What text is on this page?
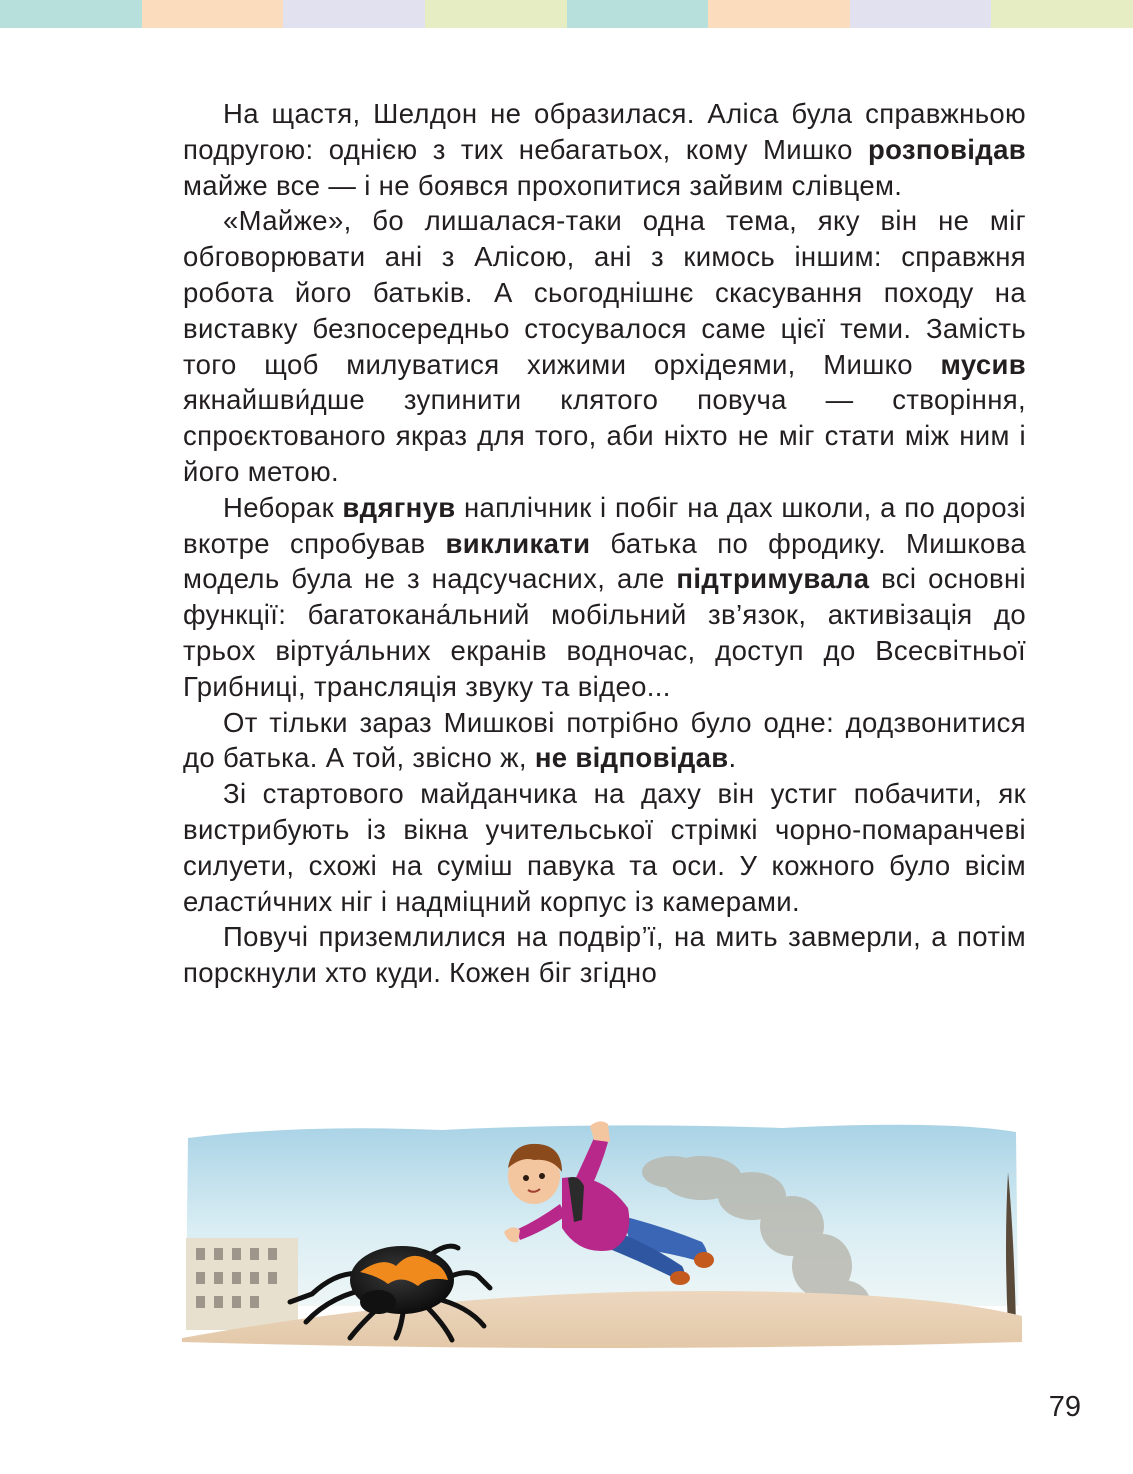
На щастя, Шелдон не образилася. Аліса була справжньою подругою: однією з тих небагатьох, кому Мишко розповідав майже все — і не боявся прохопитися зайвим слівцем.

«Майже», бо лишалася-таки одна тема, яку він не міг обговорювати ані з Алісою, ані з кимось іншим: справжня робота його батьків. А сьогоднішнє скасування походу на виставку безпосередньо стосувалося саме цієї теми. Замість того щоб милуватися хижими орхідеями, Мишко мусив якнайшви́дше зупинити клятого повуча — створіння, спроєктованого якраз для того, аби ніхто не міг стати між ним і його метою.

Неборак вдягнув наплічник і побіг на дах школи, а по дорозі вкотре спробував викликати батька по фродику. Мишкова модель була не з надсучасних, але підтримувала всі основні функції: багатокана́льний мобільний зв’язок, активізація до трьох віртуа́льних екранів водночас, доступ до Всесвітньої Грибниці, трансляція звуку та відео...

От тільки зараз Мишкові потрібно було одне: додзвонитися до батька. А той, звісно ж, не відповідав.

Зі стартового майданчика на даху він устиг побачити, як вистрибують із вікна учительської стрімкі чорно-помаранчеві силуети, схожі на суміш павука та оси. У кожного було вісім еласти́чних ніг і надміцний корпус із камерами.

Повучі приземлилися на подвір’ї, на мить завмерли, а потім порскнули хто куди. Кожен біг згідно

79
